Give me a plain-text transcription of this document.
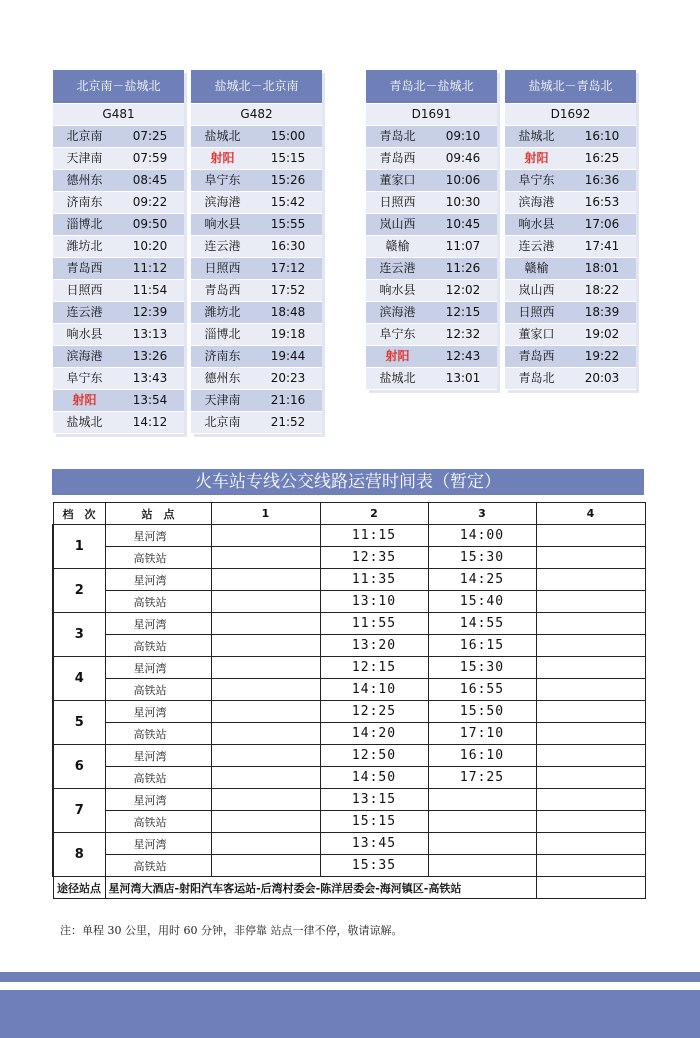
北京南－盐城北
G481
北京南	07:25
天津南	07:59
德州东	08:45
济南东	09:22
淄博北	09:50
潍坊北	10:20
青岛西	11:12
日照西	11:54
连云港	12:39
响水县	13:13
滨海港	13:26
阜宁东	13:43
射阳	13:54
盐城北	14:12
盐城北－北京南
G482
盐城北	15:00
射阳	15:15
阜宁东	15:26
滨海港	15:42
响水县	15:55
连云港	16:30
日照西	17:12
青岛西	17:52
潍坊北	18:48
淄博北	19:18
济南东	19:44
德州东	20:23
天津南	21:16
北京南	21:52
青岛北－盐城北
D1691
青岛北	09:10
青岛西	09:46
董家口	10:06
日照西	10:30
岚山西	10:45
赣榆	11:07
连云港	11:26
响水县	12:02
滨海港	12:15
阜宁东	12:32
射阳	12:43
盐城北	13:01
盐城北－青岛北
D1692
盐城北	16:10
射阳	16:25
阜宁东	16:36
滨海港	16:53
响水县	17:06
连云港	17:41
赣榆	18:01
岚山西	18:22
日照西	18:39
董家口	19:02
青岛西	19:22
青岛北	20:03
火车站专线公交线路运营时间表（暂定）
档　次	站　点	1	2	3	4
1	星河湾		11:15	14:00	
	高铁站		12:35	15:30	
2	星河湾		11:35	14:25	
	高铁站		13:10	15:40	
3	星河湾		11:55	14:55	
	高铁站		13:20	16:15	
4	星河湾		12:15	15:30	
	高铁站		14:10	16:55	
5	星河湾		12:25	15:50	
	高铁站		14:20	17:10	
6	星河湾		12:50	16:10	
	高铁站		14:50	17:25	
7	星河湾		13:15		
	高铁站		15:15		
8	星河湾		13:45		
	高铁站		15:35		
途径站点	星河湾大酒店-射阳汽车客运站-后湾村委会-陈洋居委会-海河镇区-高铁站				
注：单程 30 公里，用时 60 分钟，非停靠 站点一律不停，敬请谅解。
